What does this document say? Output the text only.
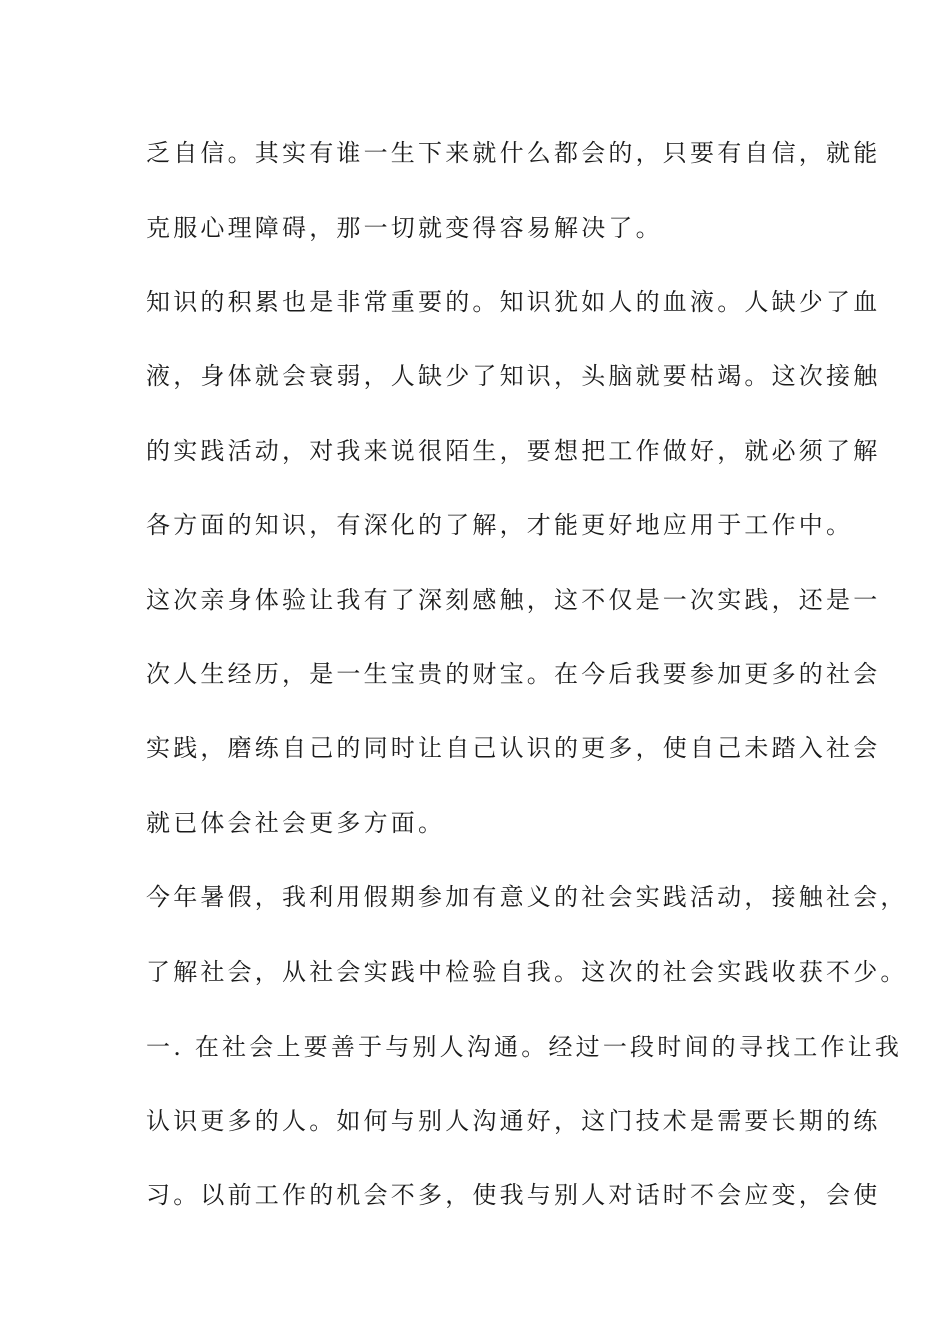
乏自信。其实有谁一生下来就什么都会的，只要有自信，就能
克服心理障碍，那一切就变得容易解决了。
知识的积累也是非常重要的。知识犹如人的血液。人缺少了血
液，身体就会衰弱，人缺少了知识，头脑就要枯竭。这次接触
的实践活动，对我来说很陌生，要想把工作做好，就必须了解
各方面的知识，有深化的了解，才能更好地应用于工作中。
这次亲身体验让我有了深刻感触，这不仅是一次实践，还是一
次人生经历，是一生宝贵的财宝。在今后我要参加更多的社会
实践，磨练自己的同时让自己认识的更多，使自己未踏入社会
就已体会社会更多方面。
今年暑假，我利用假期参加有意义的社会实践活动，接触社会，
了解社会，从社会实践中检验自我。这次的社会实践收获不少。
一. 在社会上要善于与别人沟通。经过一段时间的寻找工作让我
认识更多的人。如何与别人沟通好，这门技术是需要长期的练
习。以前工作的机会不多，使我与别人对话时不会应变，会使
